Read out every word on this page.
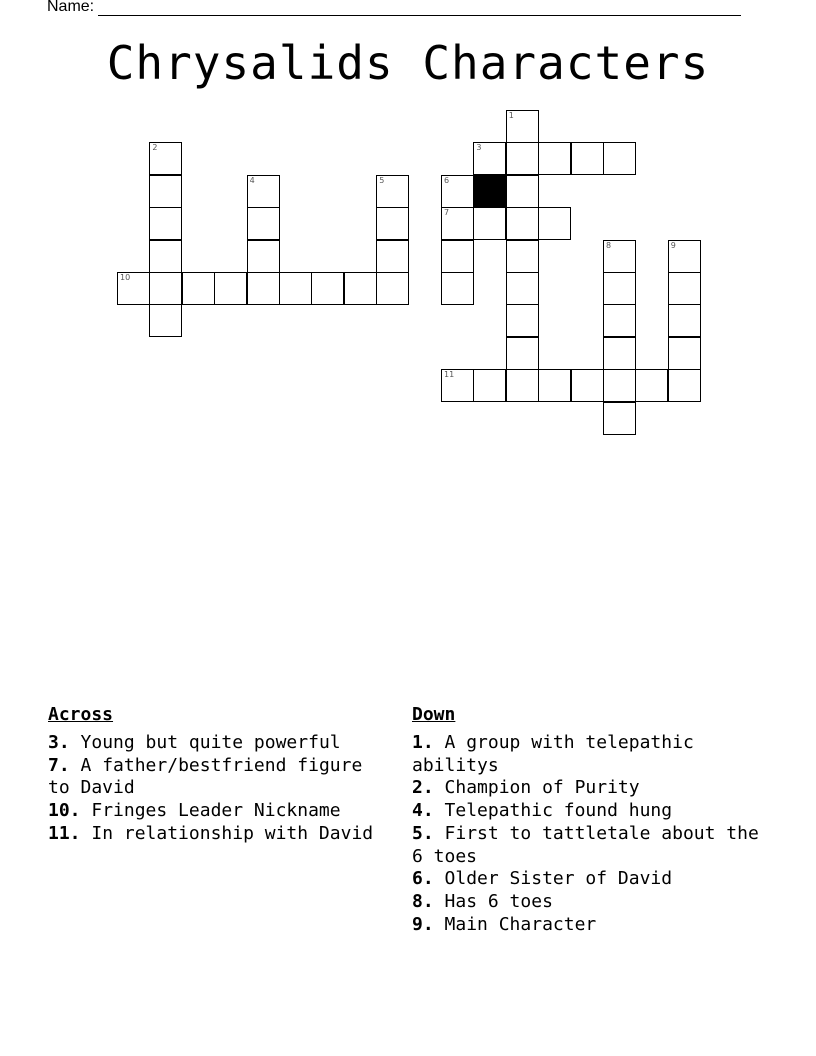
Name:
Chrysalids Characters
1
2	3
4	5	6
7
8	9
10
11
Across
3. Young but quite powerful
7. A father/bestfriend figure to David
10. Fringes Leader Nickname
11. In relationship with David
Down
1. A group with telepathic abilitys
2. Champion of Purity
4. Telepathic found hung
5. First to tattletale about the 6 toes
6. Older Sister of David
8. Has 6 toes
9. Main Character
